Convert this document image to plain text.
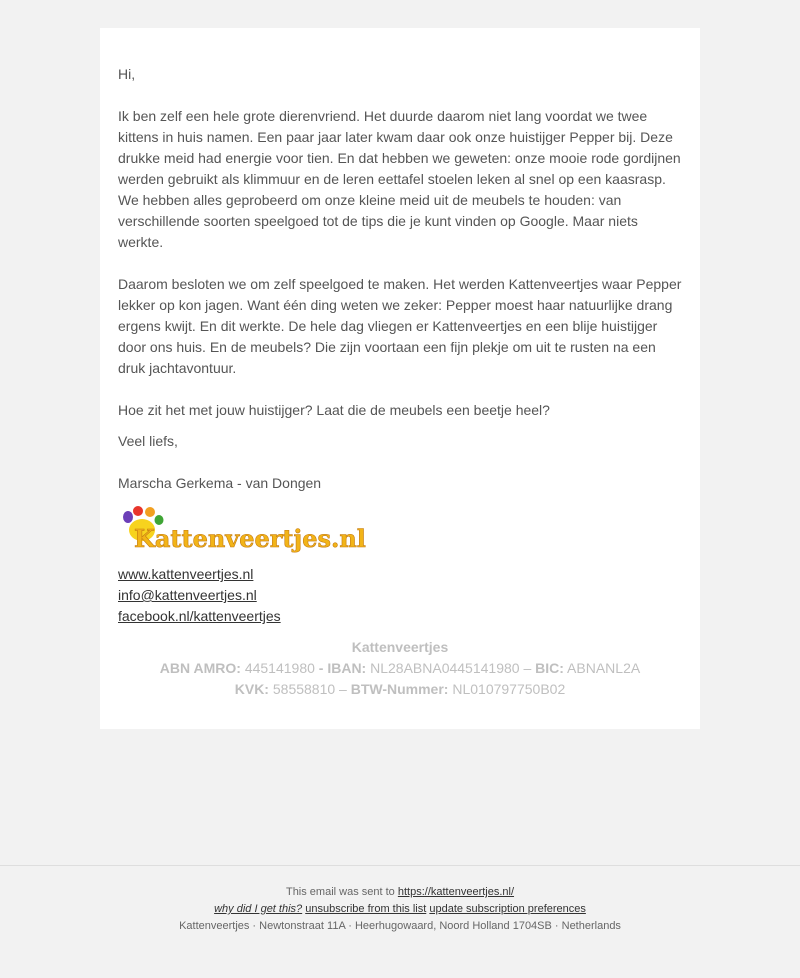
Hi,

Ik ben zelf een hele grote dierenvriend. Het duurde daarom niet lang voordat we twee kittens in huis namen. Een paar jaar later kwam daar ook onze huistijger Pepper bij. Deze drukke meid had energie voor tien. En dat hebben we geweten: onze mooie rode gordijnen werden gebruikt als klimmuur en de leren eettafel stoelen leken al snel op een kaasrasp. We hebben alles geprobeerd om onze kleine meid uit de meubels te houden: van verschillende soorten speelgoed tot de tips die je kunt vinden op Google. Maar niets werkte.

Daarom besloten we om zelf speelgoed te maken. Het werden Kattenveertjes waar Pepper lekker op kon jagen. Want één ding weten we zeker: Pepper moest haar natuurlijke drang ergens kwijt. En dit werkte. De hele dag vliegen er Kattenveertjes en een blije huistijger door ons huis. En de meubels? Die zijn voortaan een fijn plekje om uit te rusten na een druk jachtavontuur.

Hoe zit het met jouw huistijger? Laat die de meubels een beetje heel?

Veel liefs,

Marscha Gerkema - van Dongen

Kattenveertjes.nl
www.kattenveertjes.nl
info@kattenveertjes.nl
facebook.nl/kattenveertjes
Kattenveertjes
ABN AMRO: 445141980 - IBAN: NL28ABNA0445141980 – BIC: ABNANL2A
KVK: 58558810 – BTW-Nummer: NL010797750B02
This email was sent to https://kattenveertjes.nl/
why did I get this? unsubscribe from this list update subscription preferences
Kattenveertjes · Newtonstraat 11A · Heerhugowaard, Noord Holland 1704SB · Netherlands
